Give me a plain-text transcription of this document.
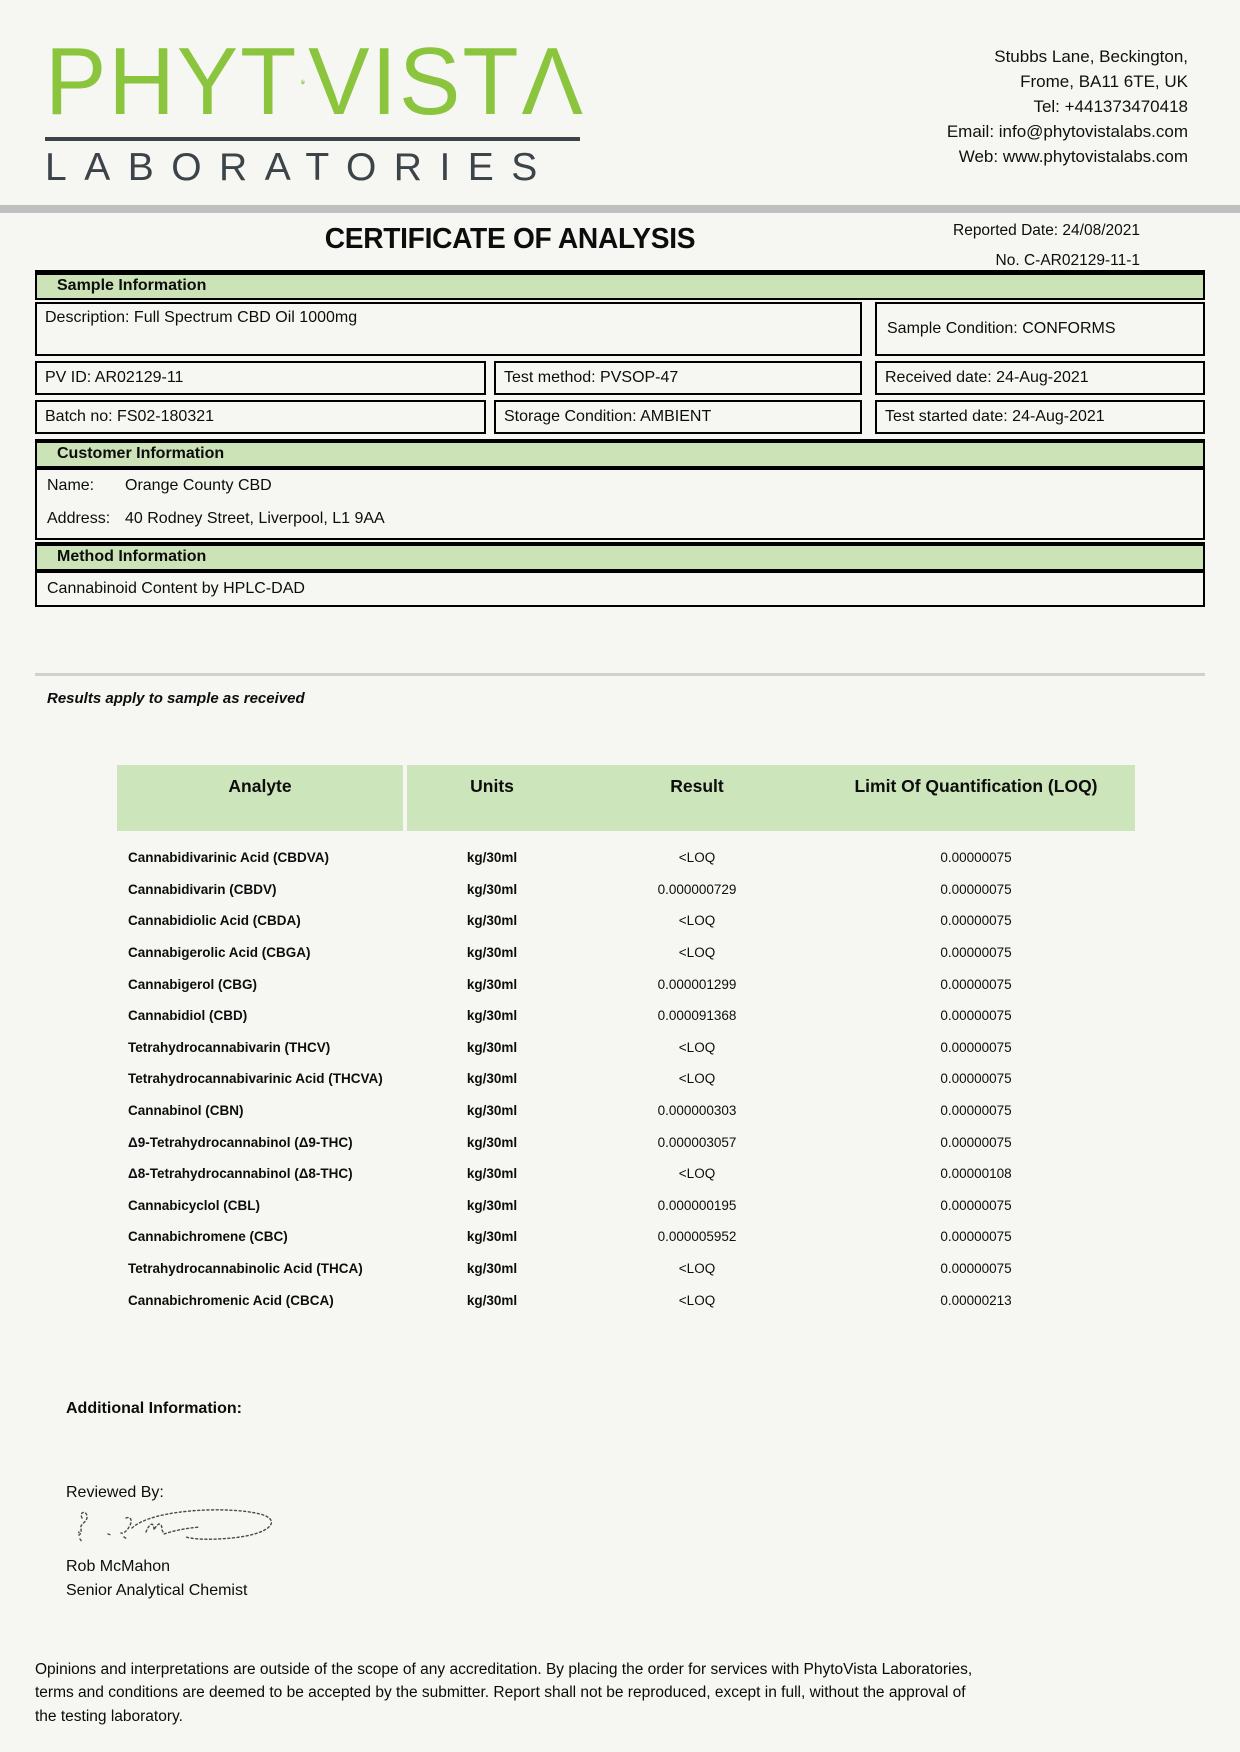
PHYT VIST Λ
LABORATORIES
Stubbs Lane, Beckington,
Frome, BA11 6TE, UK
Tel: +441373470418
Email: info@phytovistalabs.com
Web: www.phytovistalabs.com
Reported Date: 24/08/2021
CERTIFICATE OF ANALYSIS
No. C-AR02129-11-1
Sample Information
Description: Full Spectrum CBD Oil 1000mg
Sample Condition: CONFORMS
PV ID: AR02129-11	Test method: PVSOP-47	Received date: 24-Aug-2021
Batch no: FS02-180321	Storage Condition: AMBIENT	Test started date: 24-Aug-2021
Customer Information
Name:	Orange County CBD
Address: 40 Rodney Street, Liverpool, L1 9AA
Method Information
Cannabinoid Content by HPLC-DAD
Results apply to sample as received
Analyte	Units	Result	Limit Of Quantification (LOQ)
Cannabidivarinic Acid (CBDVA)	kg/30ml	<LOQ	0.00000075
Cannabidivarin (CBDV)	kg/30ml	0.000000729	0.00000075
Cannabidiolic Acid (CBDA)	kg/30ml	<LOQ	0.00000075
Cannabigerolic Acid (CBGA)	kg/30ml	<LOQ	0.00000075
Cannabigerol (CBG)	kg/30ml	0.000001299	0.00000075
Cannabidiol (CBD)	kg/30ml	0.000091368	0.00000075
Tetrahydrocannabivarin (THCV)	kg/30ml	<LOQ	0.00000075
Tetrahydrocannabivarinic Acid (THCVA)	kg/30ml	<LOQ	0.00000075
Cannabinol (CBN)	kg/30ml	0.000000303	0.00000075
Δ9-Tetrahydrocannabinol (Δ9-THC)	kg/30ml	0.000003057	0.00000075
Δ8-Tetrahydrocannabinol (Δ8-THC)	kg/30ml	<LOQ	0.00000108
Cannabicyclol (CBL)	kg/30ml	0.000000195	0.00000075
Cannabichromene (CBC)	kg/30ml	0.000005952	0.00000075
Tetrahydrocannabinolic Acid (THCA)	kg/30ml	<LOQ	0.00000075
Cannabichromenic Acid (CBCA)	kg/30ml	<LOQ	0.00000213
Additional Information:
Reviewed By:
Rob McMahon
Senior Analytical Chemist
Opinions and interpretations are outside of the scope of any accreditation. By placing the order for services with PhytoVista Laboratories,
terms and conditions are deemed to be accepted by the submitter. Report shall not be reproduced, except in full, without the approval of
the testing laboratory.
